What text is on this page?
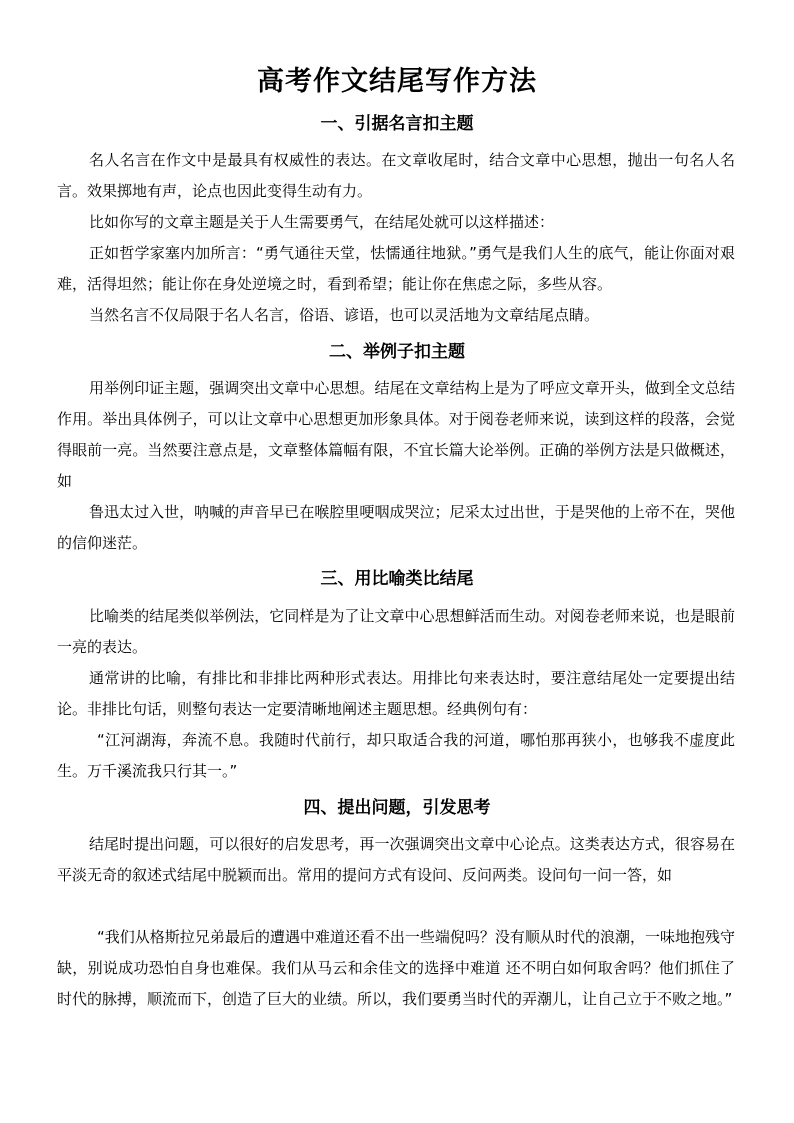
高考作文结尾写作方法
一、引据名言扣主题

名人名言在作文中是最具有权威性的表达。在文章收尾时，结合文章中心思想，抛出一句名人名言。效果掷地有声，论点也因此变得生动有力。

比如你写的文章主题是关于人生需要勇气，在结尾处就可以这样描述：

正如哲学家塞内加所言：“勇气通往天堂，怯懦通往地狱。”勇气是我们人生的底气，能让你面对艰难，活得坦然；能让你在身处逆境之时，看到希望；能让你在焦虑之际，多些从容。

当然名言不仅局限于名人名言，俗语、谚语，也可以灵活地为文章结尾点睛。

二、举例子扣主题

用举例印证主题，强调突出文章中心思想。结尾在文章结构上是为了呼应文章开头，做到全文总结作用。举出具体例子，可以让文章中心思想更加形象具体。对于阅卷老师来说，读到这样的段落，会觉得眼前一亮。当然要注意点是，文章整体篇幅有限，不宜长篇大论举例。正确的举例方法是只做概述，如

鲁迅太过入世，呐喊的声音早已在喉腔里哽咽成哭泣；尼采太过出世，于是哭他的上帝不在，哭他的信仰迷茫。

三、用比喻类比结尾

比喻类的结尾类似举例法，它同样是为了让文章中心思想鲜活而生动。对阅卷老师来说，也是眼前一亮的表达。

通常讲的比喻，有排比和非排比两种形式表达。用排比句来表达时，要注意结尾处一定要提出结论。非排比句话，则整句表达一定要清晰地阐述主题思想。经典例句有：

“江河湖海，奔流不息。我随时代前行，却只取适合我的河道，哪怕那再狭小，也够我不虚度此生。万千溪流我只行其一。”

四、提出问题，引发思考

结尾时提出问题，可以很好的启发思考，再一次强调突出文章中心论点。这类表达方式，很容易在平淡无奇的叙述式结尾中脱颖而出。常用的提问方式有设问、反问两类。设问句一问一答，如

“我们从格斯拉兄弟最后的遭遇中难道还看不出一些端倪吗？没有顺从时代的浪潮，一味地抱残守缺，别说成功恐怕自身也难保。我们从马云和余佳文的选择中难道 还不明白如何取舍吗？他们抓住了时代的脉搏，顺流而下，创造了巨大的业绩。所以，我们要勇当时代的弄潮儿，让自己立于不败之地。”
